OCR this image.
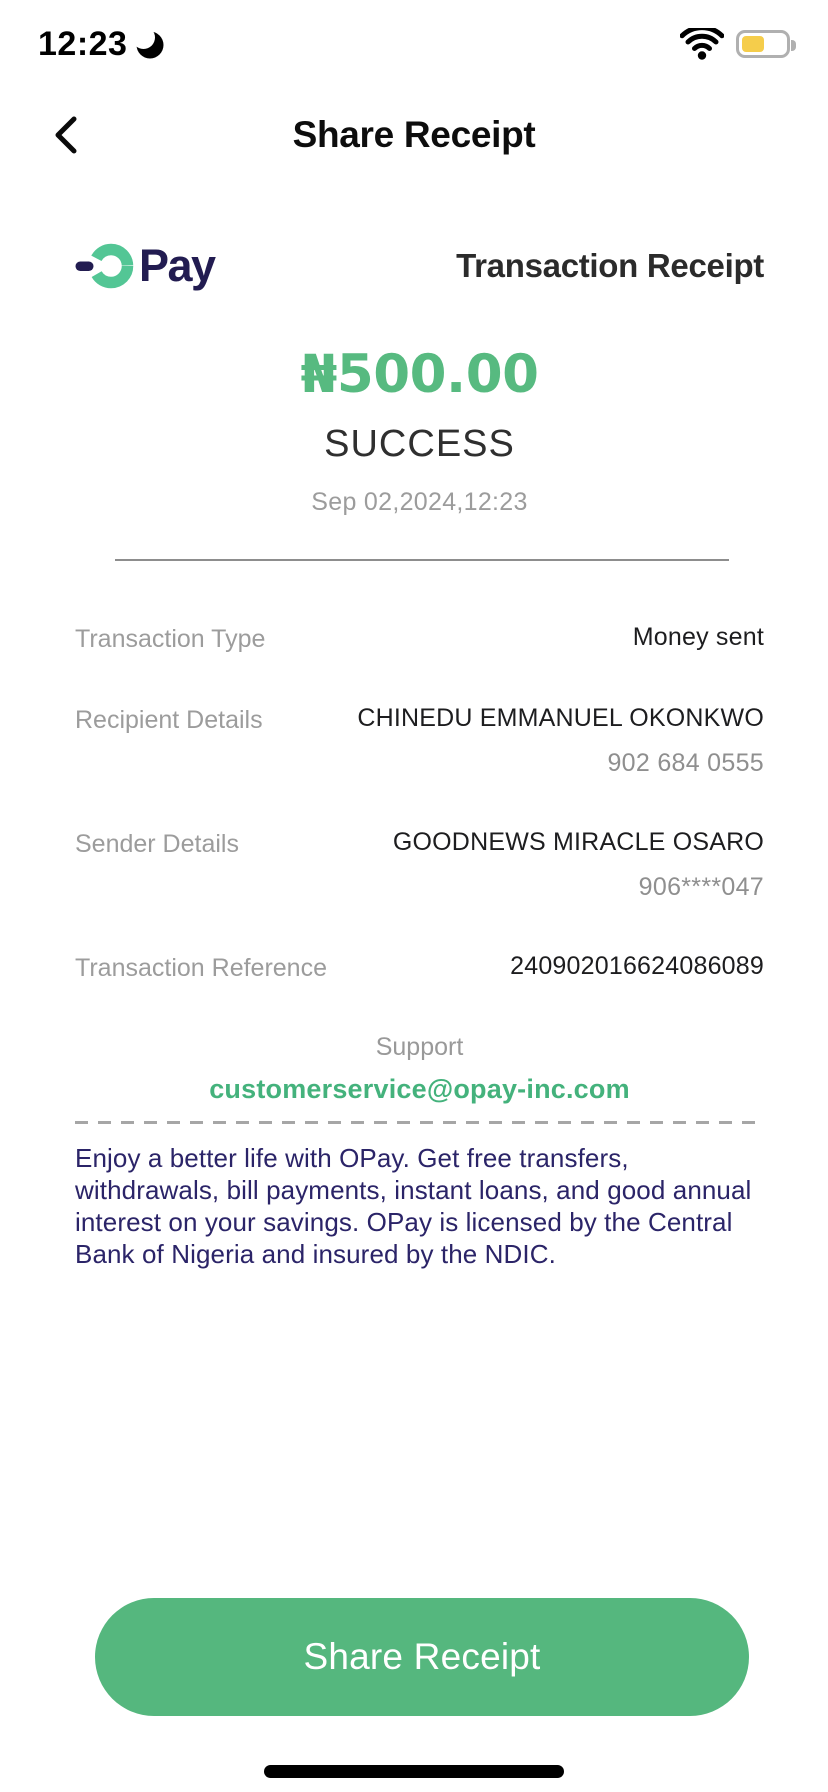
12:23
Share Receipt
Pay	Transaction Receipt
₦500.00
SUCCESS
Sep 02,2024,12:23
Transaction Type	Money sent
Recipient Details	CHINEDU EMMANUEL OKONKWO
902 684 0555
Sender Details	GOODNEWS MIRACLE OSARO
906****047
Transaction Reference	240902016624086089
Support
customerservice@opay-inc.com
Enjoy a better life with OPay. Get free transfers, withdrawals, bill payments, instant loans, and good annual interest on your savings. OPay is licensed by the Central Bank of Nigeria and insured by the NDIC.
Share Receipt
